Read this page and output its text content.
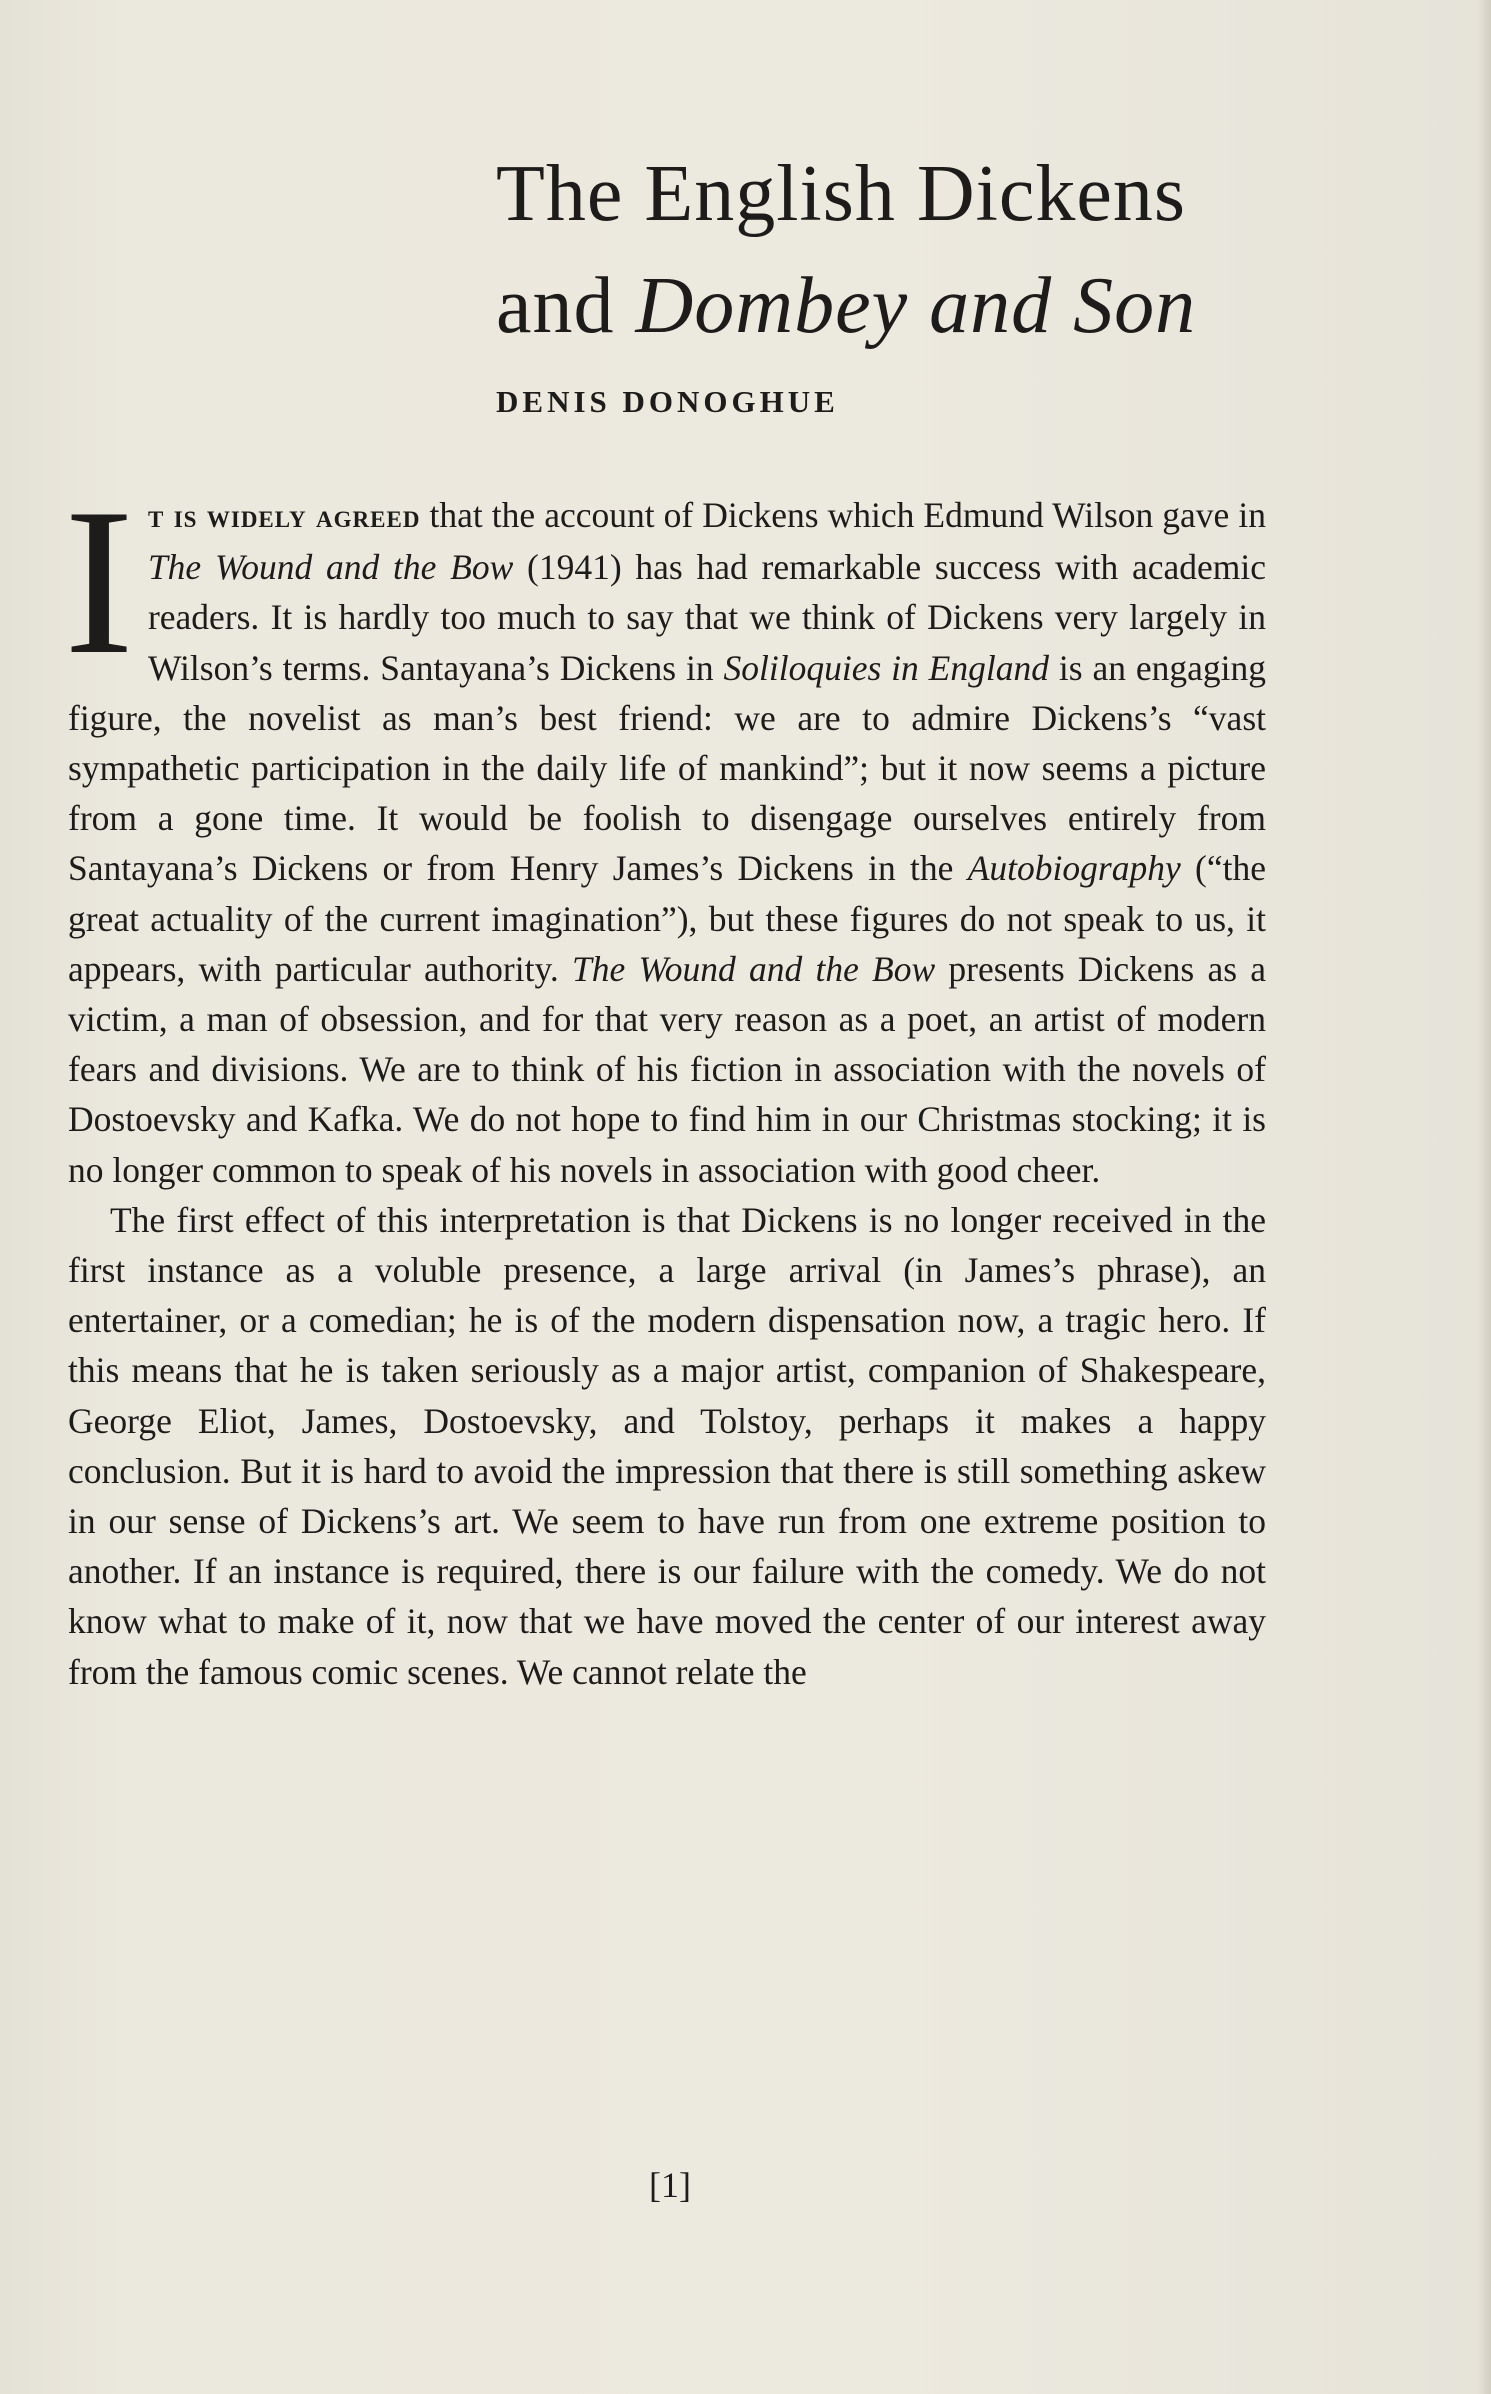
The English Dickens
and Dombey and Son
DENIS DONOGHUE

It is widely agreed that the account of Dickens which Edmund Wilson gave in The Wound and the Bow (1941) has had remarkable success with academic readers. It is hardly too much to say that we think of Dickens very largely in Wilson’s terms. Santayana’s Dickens in Soliloquies in England is an engaging figure, the novelist as man’s best friend: we are to admire Dickens’s “vast sympathetic participation in the daily life of mankind”; but it now seems a picture from a gone time. It would be foolish to disengage ourselves entirely from Santayana’s Dickens or from Henry James’s Dickens in the Autobiography (“the great actuality of the current imagination”), but these figures do not speak to us, it appears, with particular authority. The Wound and the Bow presents Dickens as a victim, a man of obsession, and for that very reason as a poet, an artist of modern fears and divisions. We are to think of his fiction in association with the novels of Dostoevsky and Kafka. We do not hope to find him in our Christmas stocking; it is no longer common to speak of his novels in association with good cheer.

The first effect of this interpretation is that Dickens is no longer received in the first instance as a voluble presence, a large arrival (in James’s phrase), an entertainer, or a comedian; he is of the modern dispensation now, a tragic hero. If this means that he is taken seriously as a major artist, companion of Shakespeare, George Eliot, James, Dostoevsky, and Tolstoy, perhaps it makes a happy conclusion. But it is hard to avoid the impression that there is still something askew in our sense of Dickens’s art. We seem to have run from one extreme position to another. If an instance is required, there is our failure with the comedy. We do not know what to make of it, now that we have moved the center of our interest away from the famous comic scenes. We cannot relate the

[1]
